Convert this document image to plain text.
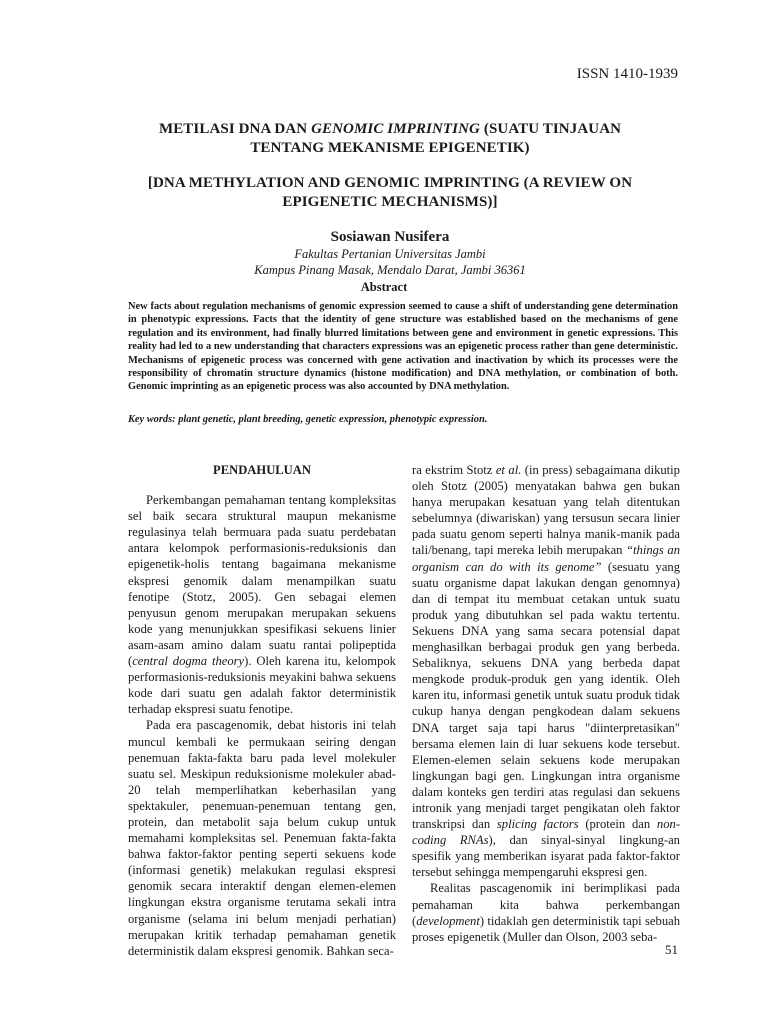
ISSN 1410-1939
METILASI DNA DAN GENOMIC IMPRINTING (SUATU TINJAUAN
TENTANG MEKANISME EPIGENETIK)
[DNA METHYLATION AND GENOMIC IMPRINTING (A REVIEW ON
EPIGENETIC MECHANISMS)]
Sosiawan Nusifera
Fakultas Pertanian Universitas Jambi
Kampus Pinang Masak, Mendalo Darat, Jambi 36361
Abstract
New facts about regulation mechanisms of genomic expression seemed to cause a shift of understanding gene determination in phenotypic expressions. Facts that the identity of gene structure was established based on the mechanisms of gene regulation and its environment, had finally blurred limitations between gene and environment in genetic expressions. This reality had led to a new understanding that characters expressions was an epigenetic process rather than gene deterministic. Mechanisms of epigenetic process was concerned with gene activation and inactivation by which its processes were the responsibility of chromatin structure dynamics (histone modification) and DNA methylation, or combination of both. Genomic imprinting as an epigenetic process was also accounted by DNA methylation.
Key words: plant genetic, plant breeding, genetic expression, phenotypic expression.
PENDAHULUAN

Perkembangan pemahaman tentang kompleksitas sel baik secara struktural maupun mekanisme regulasinya telah bermuara pada suatu perdebatan antara kelompok performasionis-reduksionis dan epigenetik-holis tentang bagaimana mekanisme ekspresi genomik dalam menampilkan suatu fenotipe (Stotz, 2005). Gen sebagai elemen penyusun genom merupakan merupakan sekuens kode yang menunjukkan spesifikasi sekuens linier asam-asam amino dalam suatu rantai polipeptida (central dogma theory). Oleh karena itu, kelompok performasionis-reduksionis meyakini bahwa sekuens kode dari suatu gen adalah faktor deterministik terhadap ekspresi suatu fenotipe.

Pada era pascagenomik, debat historis ini telah muncul kembali ke permukaan seiring dengan penemuan fakta-fakta baru pada level molekuler suatu sel. Meskipun reduksionisme molekuler abad-20 telah memperlihatkan keberhasilan yang spektakuler, penemuan-penemuan tentang gen, protein, dan metabolit saja belum cukup untuk memahami kompleksitas sel. Penemuan fakta-fakta bahwa faktor-faktor penting seperti sekuens kode (informasi genetik) melakukan regulasi ekspresi genomik secara interaktif dengan elemen-elemen lingkungan ekstra organisme terutama sekali intra organisme (selama ini belum menjadi perhatian) merupakan kritik terhadap pemahaman genetik deterministik dalam ekspresi genomik. Bahkan seca-

ra ekstrim Stotz et al. (in press) sebagaimana dikutip oleh Stotz (2005) menyatakan bahwa gen bukan hanya merupakan kesatuan yang telah ditentukan sebelumnya (diwariskan) yang tersusun secara linier pada suatu genom seperti halnya manik-manik pada tali/benang, tapi mereka lebih merupakan “things an organism can do with its genome” (sesuatu yang suatu organisme dapat lakukan dengan genomnya) dan di tempat itu membuat cetakan untuk suatu produk yang dibutuhkan sel pada waktu tertentu. Sekuens DNA yang sama secara potensial dapat menghasilkan berbagai produk gen yang berbeda. Sebaliknya, sekuens DNA yang berbeda dapat mengkode produk-produk gen yang identik. Oleh karen itu, informasi genetik untuk suatu produk tidak cukup hanya dengan pengkodean dalam sekuens DNA target saja tapi harus "diinterpretasikan" bersama elemen lain di luar sekuens kode tersebut. Elemen-elemen selain sekuens kode merupakan lingkungan bagi gen. Lingkungan intra organisme dalam konteks gen terdiri atas regulasi dan sekuens intronik yang menjadi target pengikatan oleh faktor transkripsi dan splicing factors (protein dan non-coding RNAs), dan sinyal-sinyal lingkung-an spesifik yang memberikan isyarat pada faktor-faktor tersebut sehingga mempengaruhi ekspresi gen.

Realitas pascagenomik ini berimplikasi pada pemahaman kita bahwa perkembangan (development) tidaklah gen deterministik tapi sebuah proses epigenetik (Muller dan Olson, 2003 seba-

51
